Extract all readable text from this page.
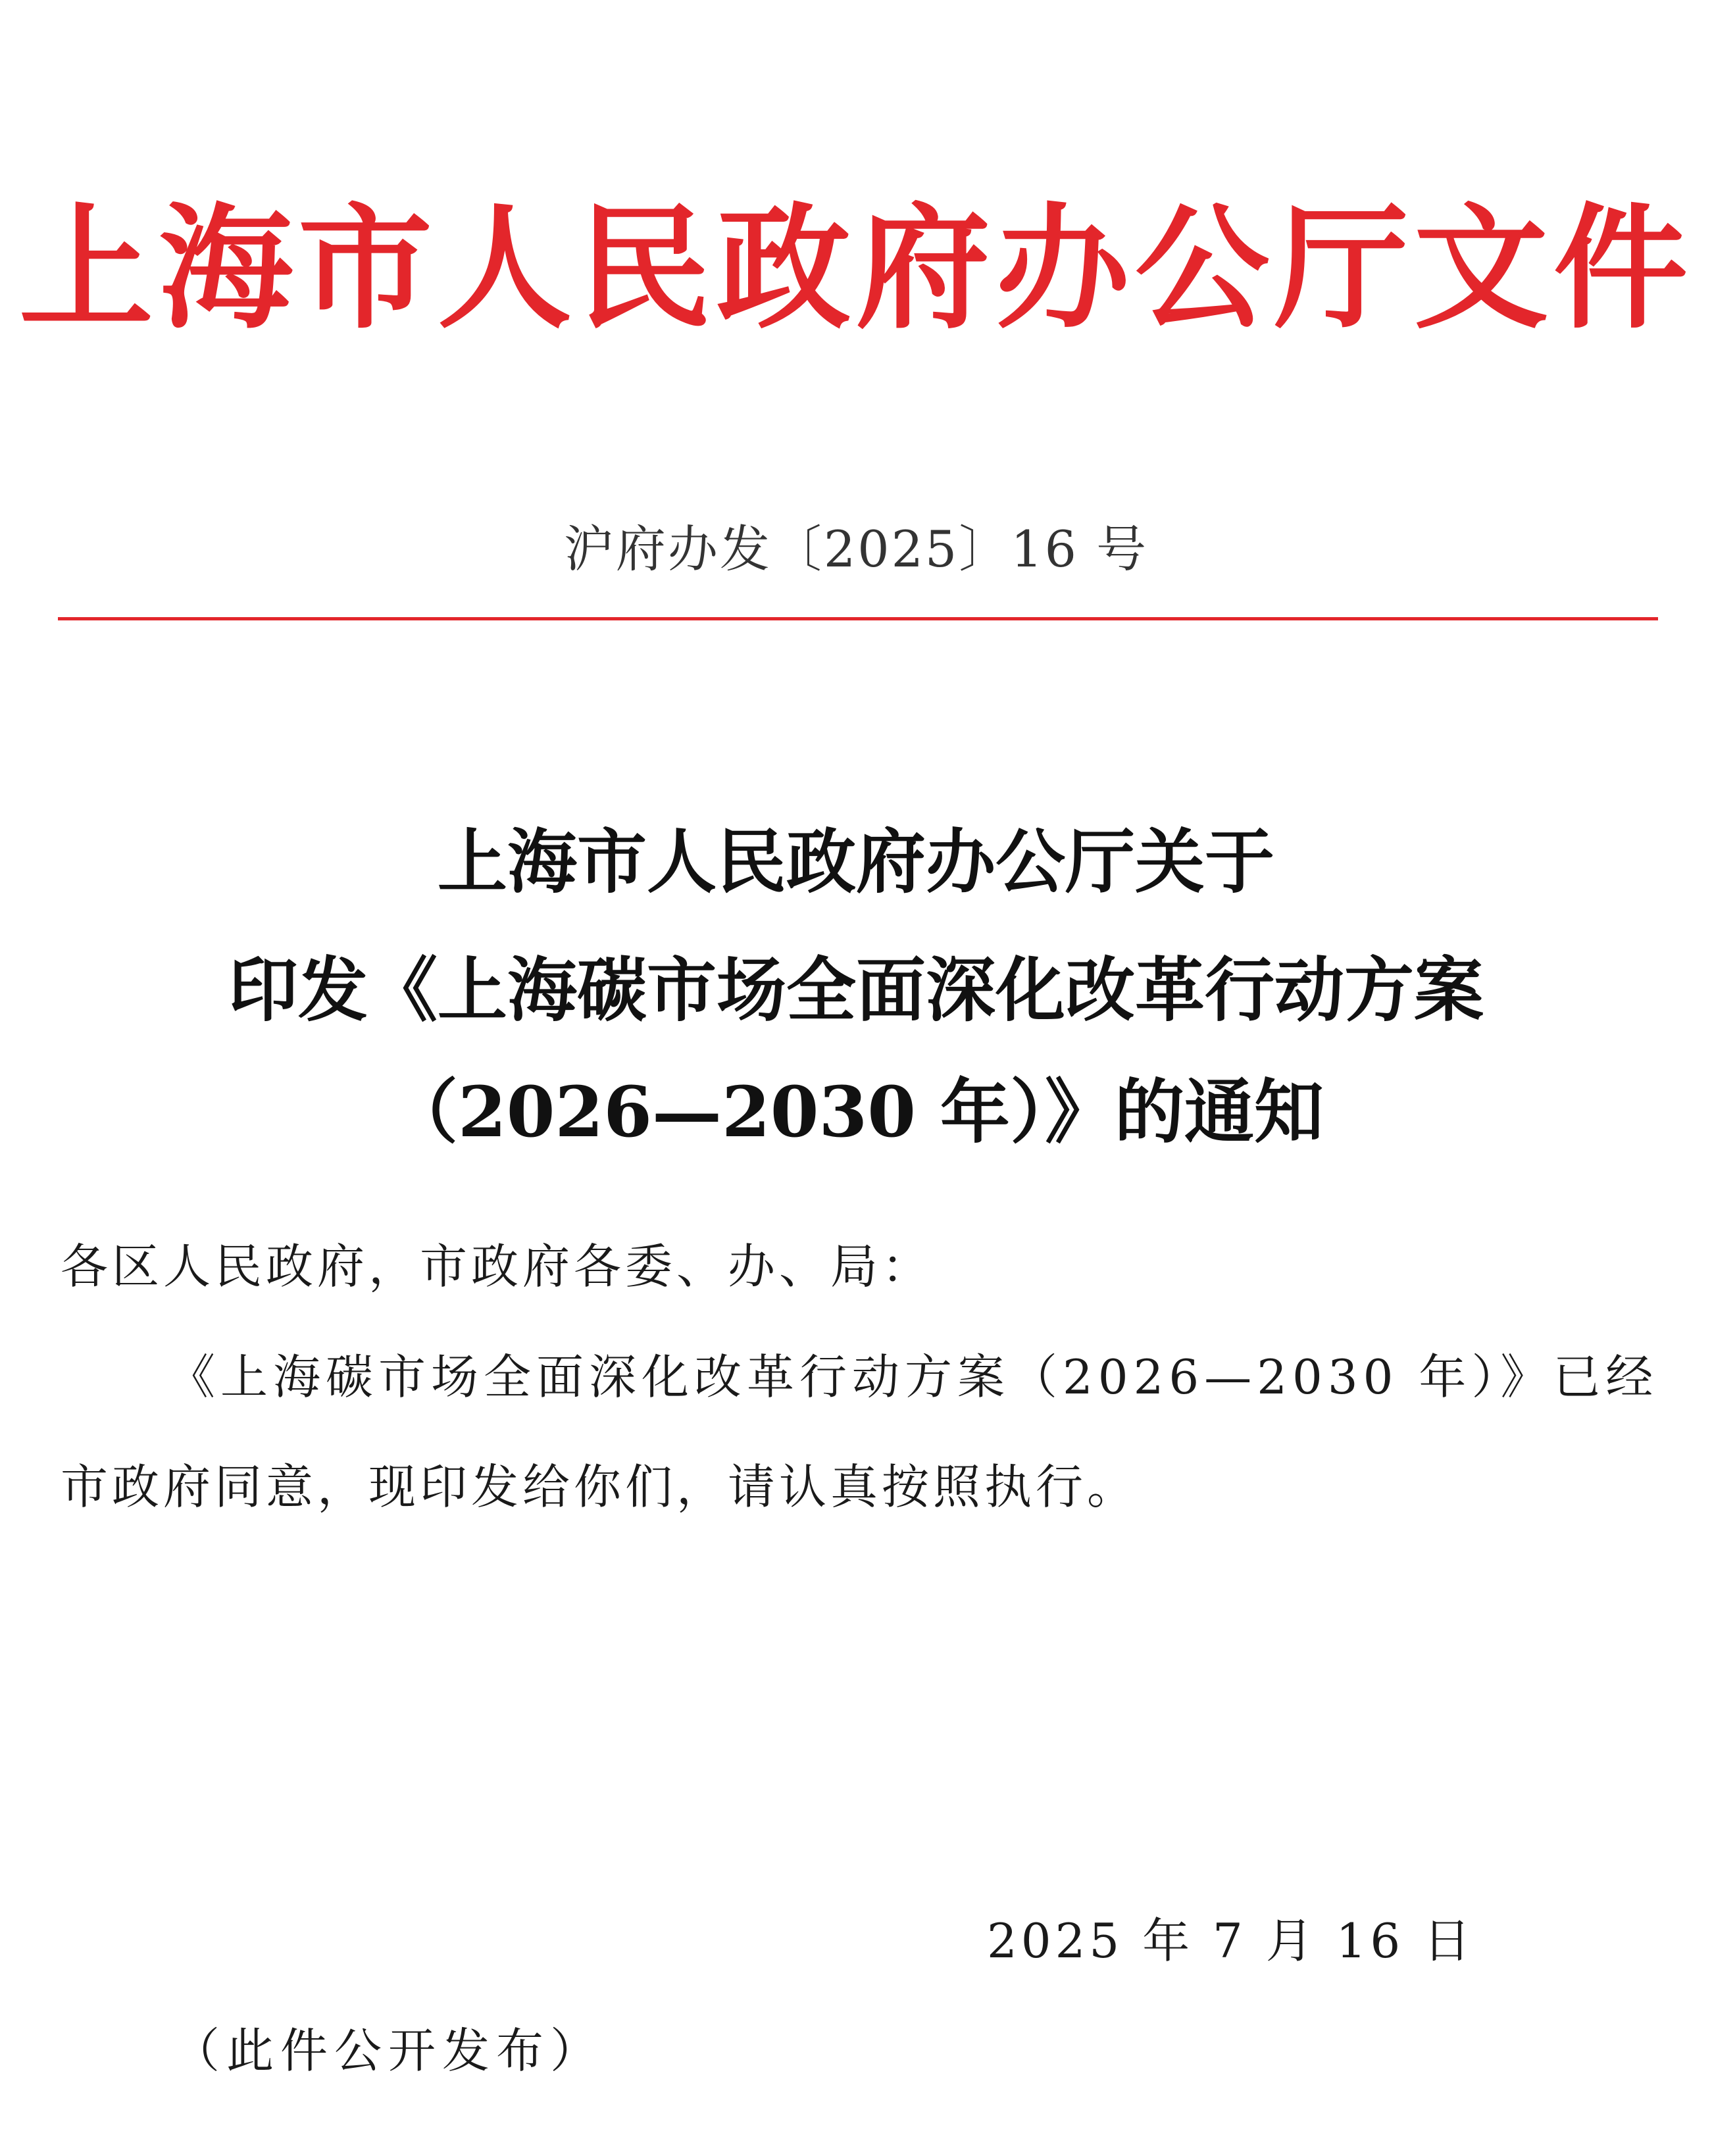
上海市人民政府办公厅文件
沪府办发〔2025〕16 号
上海市人民政府办公厅关于
印发《上海碳市场全面深化改革行动方案
（2026—2030 年）》的通知
各区人民政府，市政府各委、办、局：
《上海碳市场全面深化改革行动方案（2026—2030 年）》已经
市政府同意，现印发给你们，请认真按照执行。
2025 年 7 月 16 日
（此件公开发布）
